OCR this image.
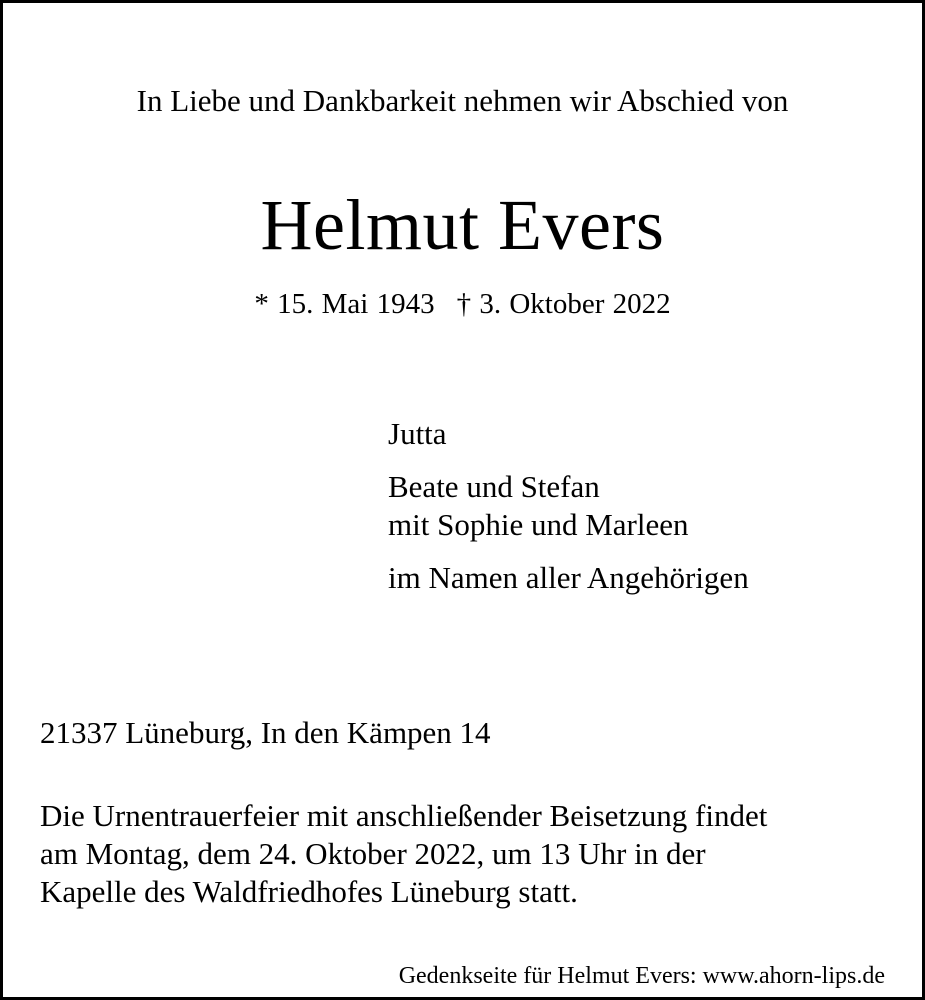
In Liebe und Dankbarkeit nehmen wir Abschied von
Helmut Evers
* 15. Mai 1943 † 3. Oktober 2022
Jutta
Beate und Stefan
mit Sophie und Marleen
im Namen aller Angehörigen
21337 Lüneburg, In den Kämpen 14
Die Urnentrauerfeier mit anschließender Beisetzung findet
am Montag, dem 24. Oktober 2022, um 13 Uhr in der
Kapelle des Waldfriedhofes Lüneburg statt.
Gedenkseite für Helmut Evers: www.ahorn-lips.de
